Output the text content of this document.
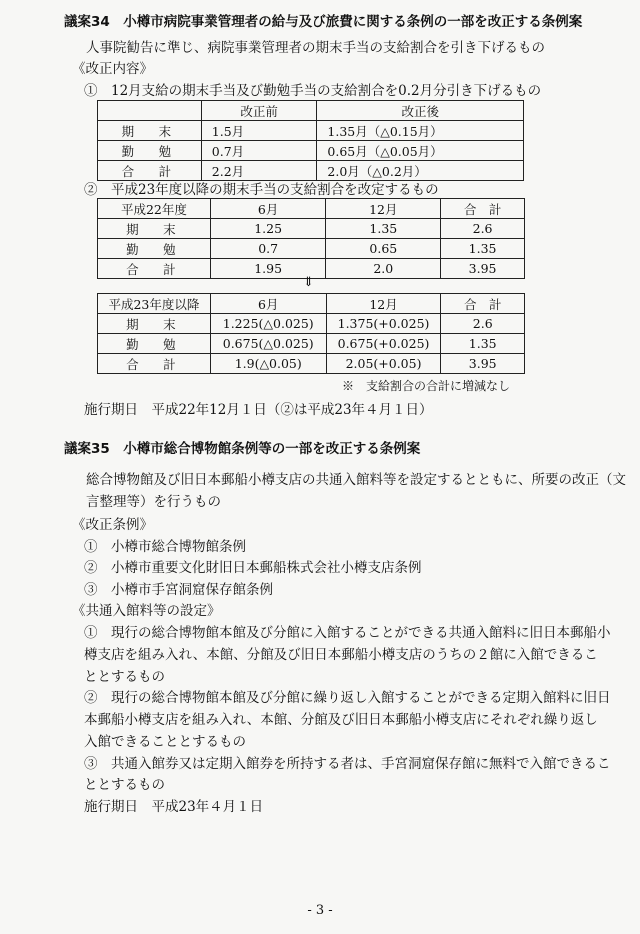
議案34　小樽市病院事業管理者の給与及び旅費に関する条例の一部を改正する条例案
人事院勧告に準じ、病院事業管理者の期末手当の支給割合を引き下げるもの
《改正内容》
①　12月支給の期末手当及び勤勉手当の支給割合を0.2月分引き下げるもの
	改正前	改正後
期　末	1.5月	1.35月（△0.15月）
勤　勉	0.7月	0.65月（△0.05月）
合　計	2.2月	2.0月（△0.2月）
②　平成23年度以降の期末手当の支給割合を改定するもの
平成22年度	6月	12月	合　計
期　末	1.25	1.35	2.6
勤　勉	0.7	0.65	1.35
合　計	1.95	2.0	3.95
⇓
平成23年度以降	6月	12月	合　計
期　末	1.225(△0.025)	1.375(+0.025)	2.6
勤　勉	0.675(△0.025)	0.675(+0.025)	1.35
合　計	1.9(△0.05)	2.05(+0.05)	3.95
※　支給割合の合計に増減なし
施行期日　平成22年12月１日（②は平成23年４月１日）
議案35　小樽市総合博物館条例等の一部を改正する条例案
総合博物館及び旧日本郵船小樽支店の共通入館料等を設定するとともに、所要の改正（文
言整理等）を行うもの
《改正条例》
①　小樽市総合博物館条例
②　小樽市重要文化財旧日本郵船株式会社小樽支店条例
③　小樽市手宮洞窟保存館条例
《共通入館料等の設定》
①　現行の総合博物館本館及び分館に入館することができる共通入館料に旧日本郵船小
樽支店を組み入れ、本館、分館及び旧日本郵船小樽支店のうちの２館に入館できるこ
ととするもの
②　現行の総合博物館本館及び分館に繰り返し入館することができる定期入館料に旧日
本郵船小樽支店を組み入れ、本館、分館及び旧日本郵船小樽支店にそれぞれ繰り返し
入館できることとするもの
③　共通入館券又は定期入館券を所持する者は、手宮洞窟保存館に無料で入館できるこ
ととするもの
施行期日　平成23年４月１日
- 3 -
